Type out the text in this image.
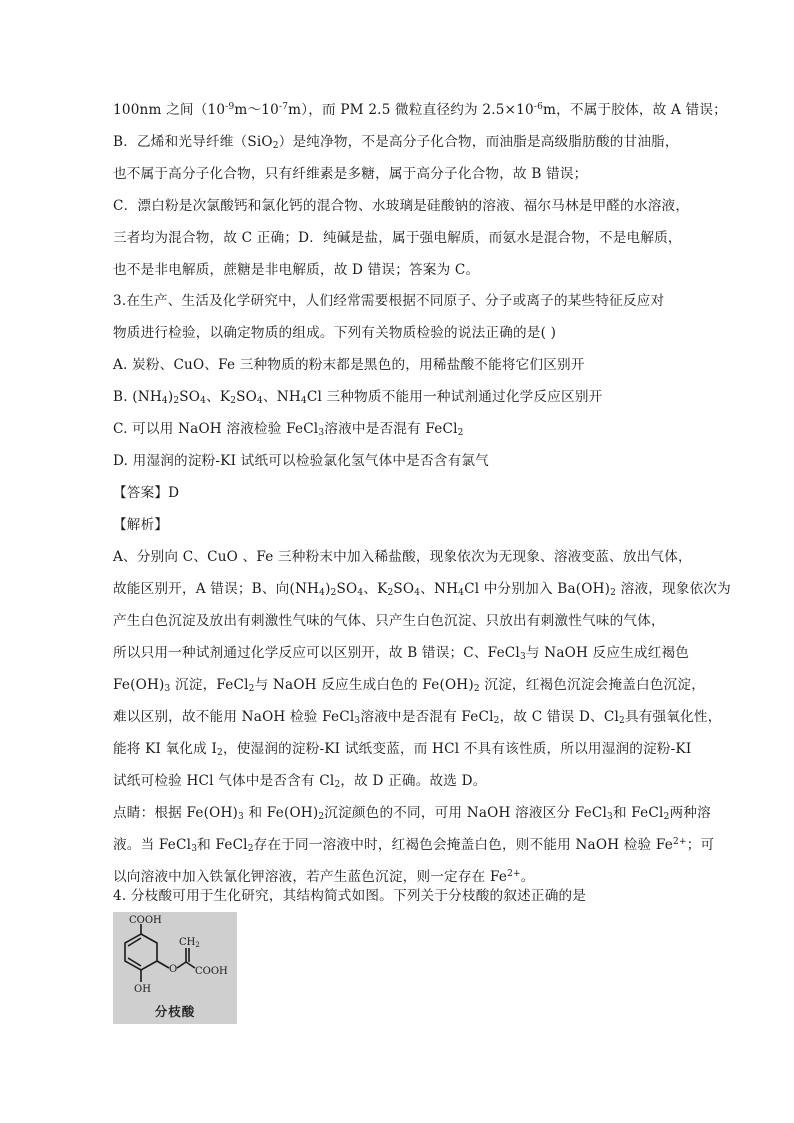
100nm 之间$(10^{-9}m\sim 10^{-7}m)$，而 PM 2.5 微粒直径约为 $2.5\times 10^{-6}m$，不属于胶体，故 A 错误；
B．乙烯和光导纤维（SiO$_2$）是纯净物，不是高分子化合物，而油脂是高级脂肪酸的甘油脂，
也不属于高分子化合物，只有纤维素是多糖，属于高分子化合物，故 B 错误；
C．漂白粉是次氯酸钙和氯化钙的混合物、水玻璃是硅酸钠的溶液、福尔马林是甲醛的水溶液，
三者均为混合物，故 C 正确；D．纯碱是盐，属于强电解质，而氨水是混合物，不是电解质，
也不是非电解质，蔗糖是非电解质，故 D 错误；答案为 C。
3.在生产、生活及化学研究中，人们经常需要根据不同原子、分子或离子的某些特征反应对
物质进行检验，以确定物质的组成。下列有关物质检验的说法正确的是( )
A. 炭粉、CuO、Fe 三种物质的粉末都是黑色的，用稀盐酸不能将它们区别开
B. $(NH_4)_2SO_4$、$K_2SO_4$、$NH_4Cl$ 三种物质不能用一种试剂通过化学反应区别开
C. 可以用 NaOH 溶液检验 FeCl$_3$溶液中是否混有 FeCl$_2$
D. 用湿润的淀粉-KI 试纸可以检验氯化氢气体中是否含有氯气
【答案】D
【解析】
A、分别向 C、CuO 、Fe 三种粉末中加入稀盐酸，现象依次为无现象、溶液变蓝、放出气体，
故能区别开，A 错误；B、向$(NH_4)_2SO_4$、$K_2SO_4$、$NH_4Cl$ 中分别加入 $Ba(OH)_2$ 溶液，现象依次为
产生白色沉淀及放出有刺激性气味的气体、只产生白色沉淀、只放出有刺激性气味的气体，
所以只用一种试剂通过化学反应可以区别开，故 B 错误；C、FeCl$_3$与 NaOH 反应生成红褐色
$Fe(OH)_3$ 沉淀，FeCl$_2$与 NaOH 反应生成白色的 $Fe(OH)_2$ 沉淀，红褐色沉淀会掩盖白色沉淀，
难以区别，故不能用 NaOH 检验 FeCl$_3$溶液中是否混有 FeCl$_2$，故 C 错误 D、$Cl_2$具有强氧化性，
能将 KI 氧化成 $I_2$，使湿润的淀粉-KI 试纸变蓝，而 HCl 不具有该性质，所以用湿润的淀粉-KI
试纸可检验 HCl 气体中是否含有 $Cl_2$，故 D 正确。故选 D。
点睛：根据 $Fe(OH)_3$ 和 $Fe(OH)_2$沉淀颜色的不同，可用 NaOH 溶液区分 FeCl$_3$和 FeCl$_2$两种溶
液。当 FeCl$_3$和 FeCl$_2$存在于同一溶液中时，红褐色会掩盖白色，则不能用 NaOH 检验 $Fe^{2+}$；可
以向溶液中加入铁氰化钾溶液，若产生蓝色沉淀，则一定存在 $Fe^{2+}$。
4. 分枝酸可用于生化研究，其结构简式如图。下列关于分枝酸的叙述正确的是
COOH
$CH_2$
O COOH
OH
分枝酸
